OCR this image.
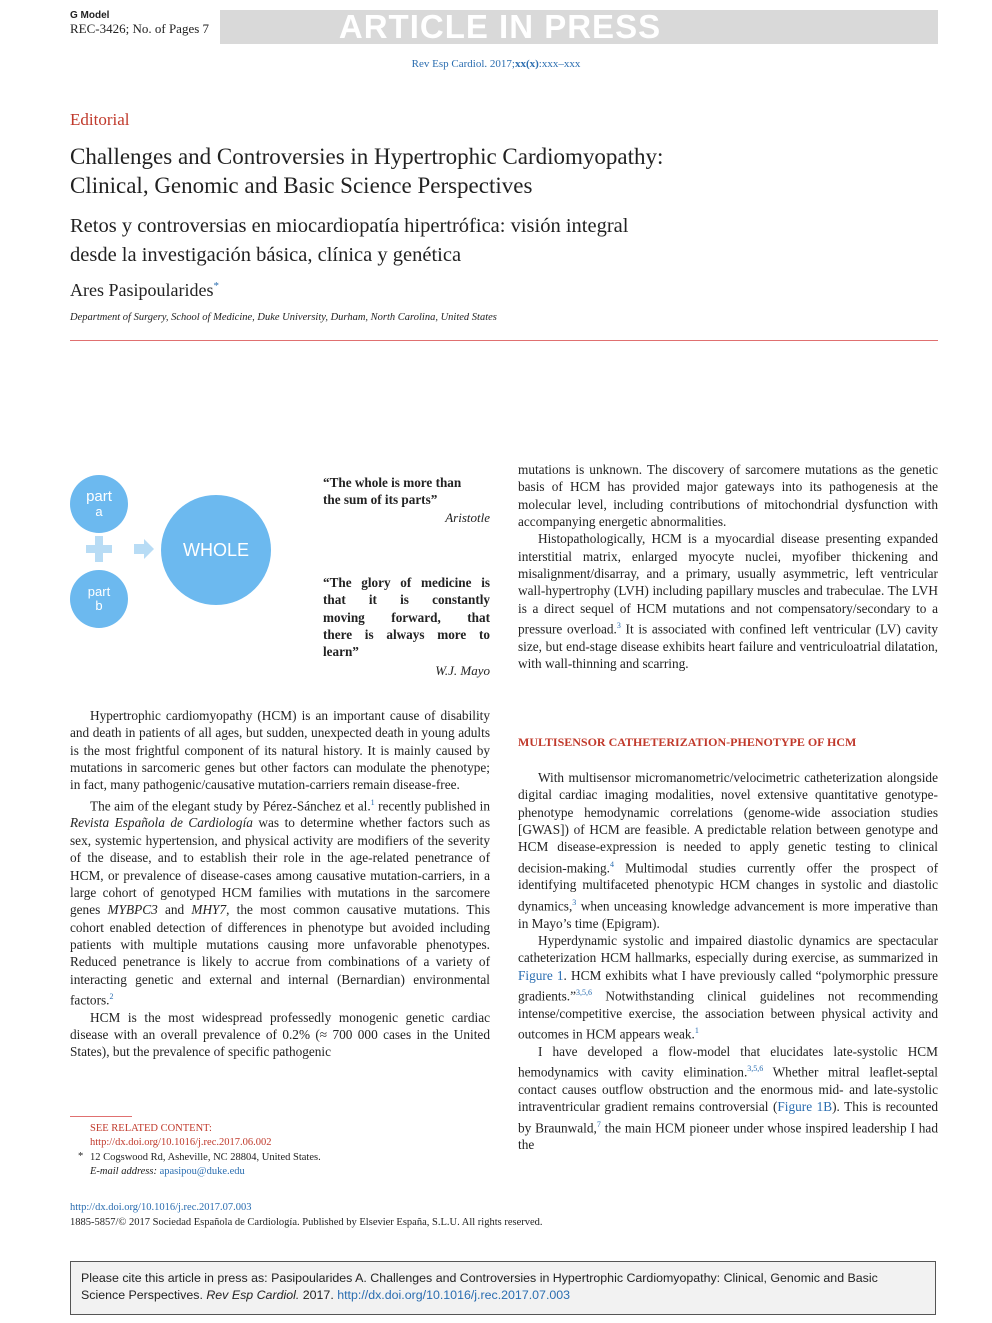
G Model
REC-3426; No. of Pages 7	ARTICLE IN PRESS
Rev Esp Cardiol. 2017;xx(x):xxx–xxx
Editorial
Challenges and Controversies in Hypertrophic Cardiomyopathy:
Clinical, Genomic and Basic Science Perspectives
Retos y controversias en miocardiopatía hipertrófica: visión integral
desde la investigación básica, clínica y genética
Ares Pasipoularides*
Department of Surgery, School of Medicine, Duke University, Durham, North Carolina, United States
part
a
part
b
WHOLE
“The whole is more than
the sum of its parts”
Aristotle
“The glory of medicine is
that it is constantly
moving forward, that
there is always more to
learn”
W.J. Mayo

Hypertrophic cardiomyopathy (HCM) is an important cause of disability and death in patients of all ages, but sudden, unexpected death in young adults is the most frightful component of its natural history. It is mainly caused by mutations in sarcomeric genes but other factors can modulate the phenotype; in fact, many pathogenic/causative mutation-carriers remain disease-free.

The aim of the elegant study by Pérez-Sánchez et al.$^1$ recently published in Revista Española de Cardiología was to determine whether factors such as sex, systemic hypertension, and physical activity are modifiers of the severity of the disease, and to establish their role in the age-related penetrance of HCM, or prevalence of disease-cases among causative mutation-carriers, in a large cohort of genotyped HCM families with mutations in the sarcomere genes MYBPC3 and MHY7, the most common causative mutations. This cohort enabled detection of differences in phenotype but avoided including patients with multiple mutations causing more unfavorable phenotypes. Reduced penetrance is likely to accrue from combinations of a variety of interacting genetic and external and internal (Bernardian) environmental factors.$^2$

HCM is the most widespread professedly monogenic genetic cardiac disease with an overall prevalence of 0.2% (≈ 700 000 cases in the United States), but the prevalence of specific pathogenic

mutations is unknown. The discovery of sarcomere mutations as the genetic basis of HCM has provided major gateways into its pathogenesis at the molecular level, including contributions of mitochondrial dysfunction with accompanying energetic abnormalities.

Histopathologically, HCM is a myocardial disease presenting expanded interstitial matrix, enlarged myocyte nuclei, myofiber thickening and misalignment/disarray, and a primary, usually asymmetric, left ventricular wall-hypertrophy (LVH) including papillary muscles and trabeculae. The LVH is a direct sequel of HCM mutations and not compensatory/secondary to a pressure overload.$^3$ It is associated with confined left ventricular (LV) cavity size, but end-stage disease exhibits heart failure and ventriculoatrial dilatation, with wall-thinning and scarring.

MULTISENSOR CATHETERIZATION-PHENOTYPE OF HCM

With multisensor micromanometric/velocimetric catheterization alongside digital cardiac imaging modalities, novel extensive quantitative genotype-phenotype hemodynamic correlations (genome-wide association studies [GWAS]) of HCM are feasible. A predictable relation between genotype and HCM disease-expression is needed to apply genetic testing to clinical decision-making.$^4$ Multimodal studies currently offer the prospect of identifying multifaceted phenotypic HCM changes in systolic and diastolic dynamics,$^3$ when unceasing knowledge advancement is more imperative than in Mayo’s time (Epigram).

Hyperdynamic systolic and impaired diastolic dynamics are spectacular catheterization HCM hallmarks, especially during exercise, as summarized in Figure 1. HCM exhibits what I have previously called “polymorphic pressure gradients.”$^{3,5,6}$ Notwithstanding clinical guidelines not recommending intense/competitive exercise, the association between physical activity and outcomes in HCM appears weak.$^1$

I have developed a flow-model that elucidates late-systolic HCM hemodynamics with cavity elimination.$^{3,5,6}$ Whether mitral leaflet-septal contact causes outflow obstruction and the enormous mid- and late-systolic intraventricular gradient remains controversial (Figure 1B). This is recounted by Braunwald,$^7$ the main HCM pioneer under whose inspired leadership I had the

SEE RELATED CONTENT:
http://dx.doi.org/10.1016/j.rec.2017.06.002
* 12 Cogswood Rd, Asheville, NC 28804, United States.
E-mail address: apasipou@duke.edu
http://dx.doi.org/10.1016/j.rec.2017.07.003
1885-5857/© 2017 Sociedad Española de Cardiología. Published by Elsevier España, S.L.U. All rights reserved.
Please cite this article in press as: Pasipoularides A. Challenges and Controversies in Hypertrophic Cardiomyopathy: Clinical, Genomic and Basic Science Perspectives. Rev Esp Cardiol. 2017. http://dx.doi.org/10.1016/j.rec.2017.07.003
